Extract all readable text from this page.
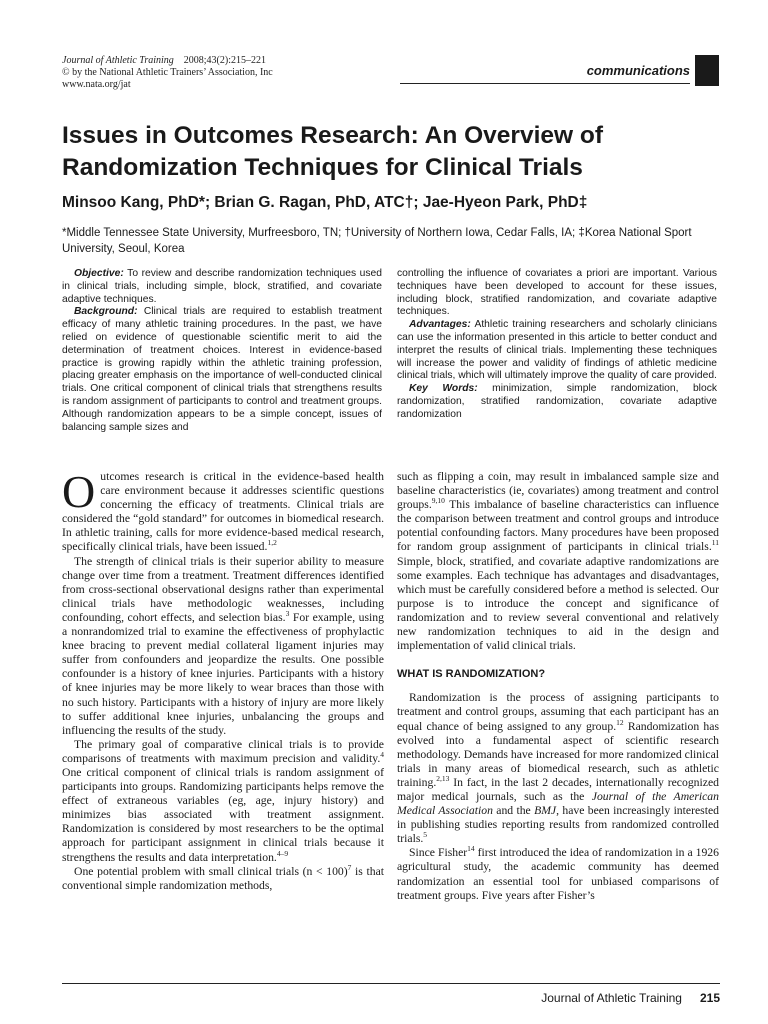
Journal of Athletic Training 2008;43(2):215–221
© by the National Athletic Trainers’ Association, Inc
www.nata.org/jat
communications
Issues in Outcomes Research: An Overview of Randomization Techniques for Clinical Trials
Minsoo Kang, PhD*; Brian G. Ragan, PhD, ATC†; Jae-Hyeon Park, PhD‡
*Middle Tennessee State University, Murfreesboro, TN; †University of Northern Iowa, Cedar Falls, IA; ‡Korea National Sport University, Seoul, Korea

Objective: To review and describe randomization techniques used in clinical trials, including simple, block, stratified, and covariate adaptive techniques.

Background: Clinical trials are required to establish treatment efficacy of many athletic training procedures. In the past, we have relied on evidence of questionable scientific merit to aid the determination of treatment choices. Interest in evidence-based practice is growing rapidly within the athletic training profession, placing greater emphasis on the importance of well-conducted clinical trials. One critical component of clinical trials that strengthens results is random assignment of participants to control and treatment groups. Although randomization appears to be a simple concept, issues of balancing sample sizes and

controlling the influence of covariates a priori are important. Various techniques have been developed to account for these issues, including block, stratified randomization, and covariate adaptive techniques.

Advantages: Athletic training researchers and scholarly clinicians can use the information presented in this article to better conduct and interpret the results of clinical trials. Implementing these techniques will increase the power and validity of findings of athletic medicine clinical trials, which will ultimately improve the quality of care provided.

Key Words: minimization, simple randomization, block randomization, stratified randomization, covariate adaptive randomization

Outcomes research is critical in the evidence-based health care environment because it addresses scientific questions concerning the efficacy of treatments. Clinical trials are considered the “gold standard” for outcomes in biomedical research. In athletic training, calls for more evidence-based medical research, specifically clinical trials, have been issued.$^{1,2}$

The strength of clinical trials is their superior ability to measure change over time from a treatment. Treatment differences identified from cross-sectional observational designs rather than experimental clinical trials have methodologic weaknesses, including confounding, cohort effects, and selection bias.$^3$ For example, using a nonrandomized trial to examine the effectiveness of prophylactic knee bracing to prevent medial collateral ligament injuries may suffer from confounders and jeopardize the results. One possible confounder is a history of knee injuries. Participants with a history of knee injuries may be more likely to wear braces than those with no such history. Participants with a history of injury are more likely to suffer additional knee injuries, unbalancing the groups and influencing the results of the study.

The primary goal of comparative clinical trials is to provide comparisons of treatments with maximum precision and validity.$^4$ One critical component of clinical trials is random assignment of participants into groups. Randomizing participants helps remove the effect of extraneous variables (eg, age, injury history) and minimizes bias associated with treatment assignment. Randomization is considered by most researchers to be the optimal approach for participant assignment in clinical trials because it strengthens the results and data interpretation.$^{4-9}$

One potential problem with small clinical trials (n < 100)$^7$ is that conventional simple randomization methods,

such as flipping a coin, may result in imbalanced sample size and baseline characteristics (ie, covariates) among treatment and control groups.$^{9,10}$ This imbalance of baseline characteristics can influence the comparison between treatment and control groups and introduce potential confounding factors. Many procedures have been proposed for random group assignment of participants in clinical trials.$^{11}$ Simple, block, stratified, and covariate adaptive randomizations are some examples. Each technique has advantages and disadvantages, which must be carefully considered before a method is selected. Our purpose is to introduce the concept and significance of randomization and to review several conventional and relatively new randomization techniques to aid in the design and implementation of valid clinical trials.

WHAT IS RANDOMIZATION?

Randomization is the process of assigning participants to treatment and control groups, assuming that each participant has an equal chance of being assigned to any group.$^{12}$ Randomization has evolved into a fundamental aspect of scientific research methodology. Demands have increased for more randomized clinical trials in many areas of biomedical research, such as athletic training.$^{2,13}$ In fact, in the last 2 decades, internationally recognized major medical journals, such as the Journal of the American Medical Association and the BMJ, have been increasingly interested in publishing studies reporting results from randomized controlled trials.$^5$

Since Fisher$^{14}$ first introduced the idea of randomization in a 1926 agricultural study, the academic community has deemed randomization an essential tool for unbiased comparisons of treatment groups. Five years after Fisher’s

Journal of Athletic Training 215
